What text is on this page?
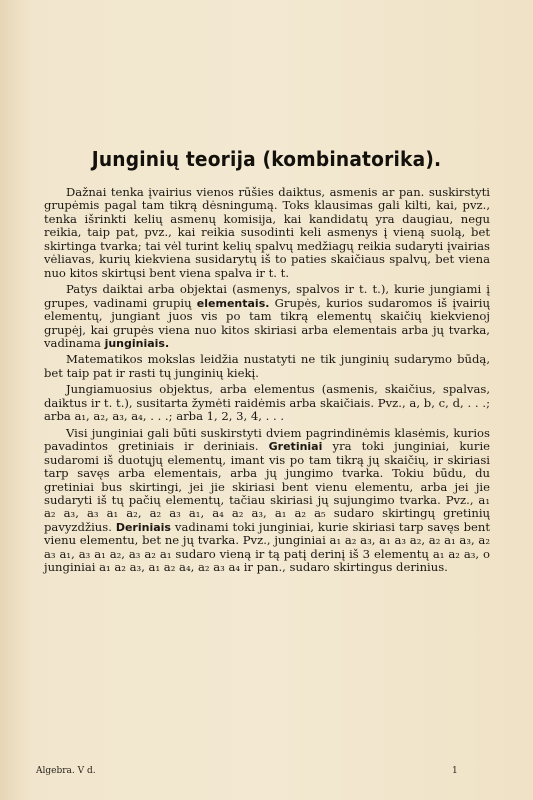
Junginių teorija (kombinatorika).

Dažnai tenka įvairius vienos rūšies daiktus, asmenis ar pan. suskirstyti grupėmis pagal tam tikrą dėsningumą. Toks klausimas gali kilti, kai, pvz., tenka išrinkti kelių asmenų komisija, kai kandidatų yra daugiau, negu reikia, taip pat, pvz., kai reikia susodinti keli asmenys į vieną suolą, bet skirtinga tvarka; tai vėl turint kelių spalvų medžiagų reikia sudaryti įvairias vėliavas, kurių kiekviena susidarytų iš to paties skaičiaus spalvų, bet viena nuo kitos skirtųsi bent viena spalva ir t. t.

Patys daiktai arba objektai (asmenys, spalvos ir t. t.), kurie jungiami į grupes, vadinami grupių elementais. Grupės, kurios sudaromos iš įvairių elementų, jungiant juos vis po tam tikrą elementų skaičių kiekvienoj grupėj, kai grupės viena nuo kitos skiriasi arba elementais arba jų tvarka, vadinama junginiais.

Matematikos mokslas leidžia nustatyti ne tik junginių sudarymo būdą, bet taip pat ir rasti tų junginių kiekį.

Jungiamuosius objektus, arba elementus (asmenis, skaičius, spalvas, daiktus ir t. t.), susitarta žymėti raidėmis arba skaičiais. Pvz., a, b, c, d, . . .; arba a₁, a₂, a₃, a₄, . . .; arba 1, 2, 3, 4, . . .

Visi junginiai gali būti suskirstyti dviem pagrindinėmis klasėmis, kurios pavadintos gretiniais ir deriniais. Gretiniai yra toki junginiai, kurie sudaromi iš duotųjų elementų, imant vis po tam tikrą jų skaičių, ir skiriasi tarp savęs arba elementais, arba jų jungimo tvarka. Tokiu būdu, du gretiniai bus skirtingi, jei jie skiriasi bent vienu elementu, arba jei jie sudaryti iš tų pačių elementų, tačiau skiriasi jų sujungimo tvarka. Pvz., a₁ a₂ a₃, a₃ a₁ a₂, a₂ a₃ a₁, a₄ a₂ a₃, a₁ a₂ a₅ sudaro skirtingų gretinių pavyzdžius. Deriniais vadinami toki junginiai, kurie skiriasi tarp savęs bent vienu elementu, bet ne jų tvarka. Pvz., junginiai a₁ a₂ a₃, a₁ a₃ a₂, a₂ a₁ a₃, a₂ a₃ a₁, a₃ a₁ a₂, a₃ a₂ a₁ sudaro vieną ir tą patį derinį iš 3 elementų a₁ a₂ a₃, o junginiai a₁ a₂ a₃, a₁ a₂ a₄, a₂ a₃ a₄ ir pan., sudaro skirtingus derinius.

Algebra. V d.	1
